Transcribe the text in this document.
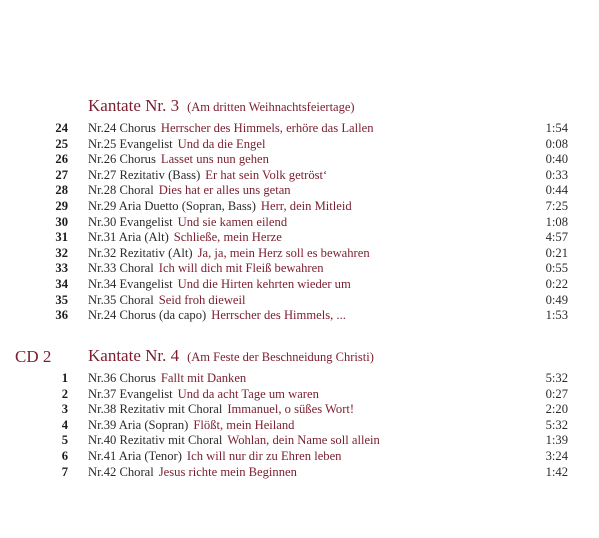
Kantate Nr. 3 (Am dritten Weihnachtsfeiertage)
24 Nr.24 Chorus Herrscher des Himmels, erhöre das Lallen	1:54
25 Nr.25 Evangelist Und da die Engel	0:08
26 Nr.26 Chorus Lasset uns nun gehen	0:40
27 Nr.27 Rezitativ (Bass) Er hat sein Volk getröst‘	0:33
28 Nr.28 Choral Dies hat er alles uns getan	0:44
29 Nr.29 Aria Duetto (Sopran, Bass) Herr, dein Mitleid	7:25
30 Nr.30 Evangelist Und sie kamen eilend	1:08
31 Nr.31 Aria (Alt) Schließe, mein Herze	4:57
32 Nr.32 Rezitativ (Alt) Ja, ja, mein Herz soll es bewahren	0:21
33 Nr.33 Choral Ich will dich mit Fleiß bewahren	0:55
34 Nr.34 Evangelist Und die Hirten kehrten wieder um	0:22
35 Nr.35 Choral Seid froh dieweil	0:49
36 Nr.24 Chorus (da capo) Herrscher des Himmels, ...	1:53
CD 2 Kantate Nr. 4 (Am Feste der Beschneidung Christi)
1 Nr.36 Chorus Fallt mit Danken	5:32
2 Nr.37 Evangelist Und da acht Tage um waren	0:27
3 Nr.38 Rezitativ mit Choral Immanuel, o süßes Wort!	2:20
4 Nr.39 Aria (Sopran) Flößt, mein Heiland	5:32
5 Nr.40 Rezitativ mit Choral Wohlan, dein Name soll allein	1:39
6 Nr.41 Aria (Tenor) Ich will nur dir zu Ehren leben	3:24
7 Nr.42 Choral Jesus richte mein Beginnen	1:42
